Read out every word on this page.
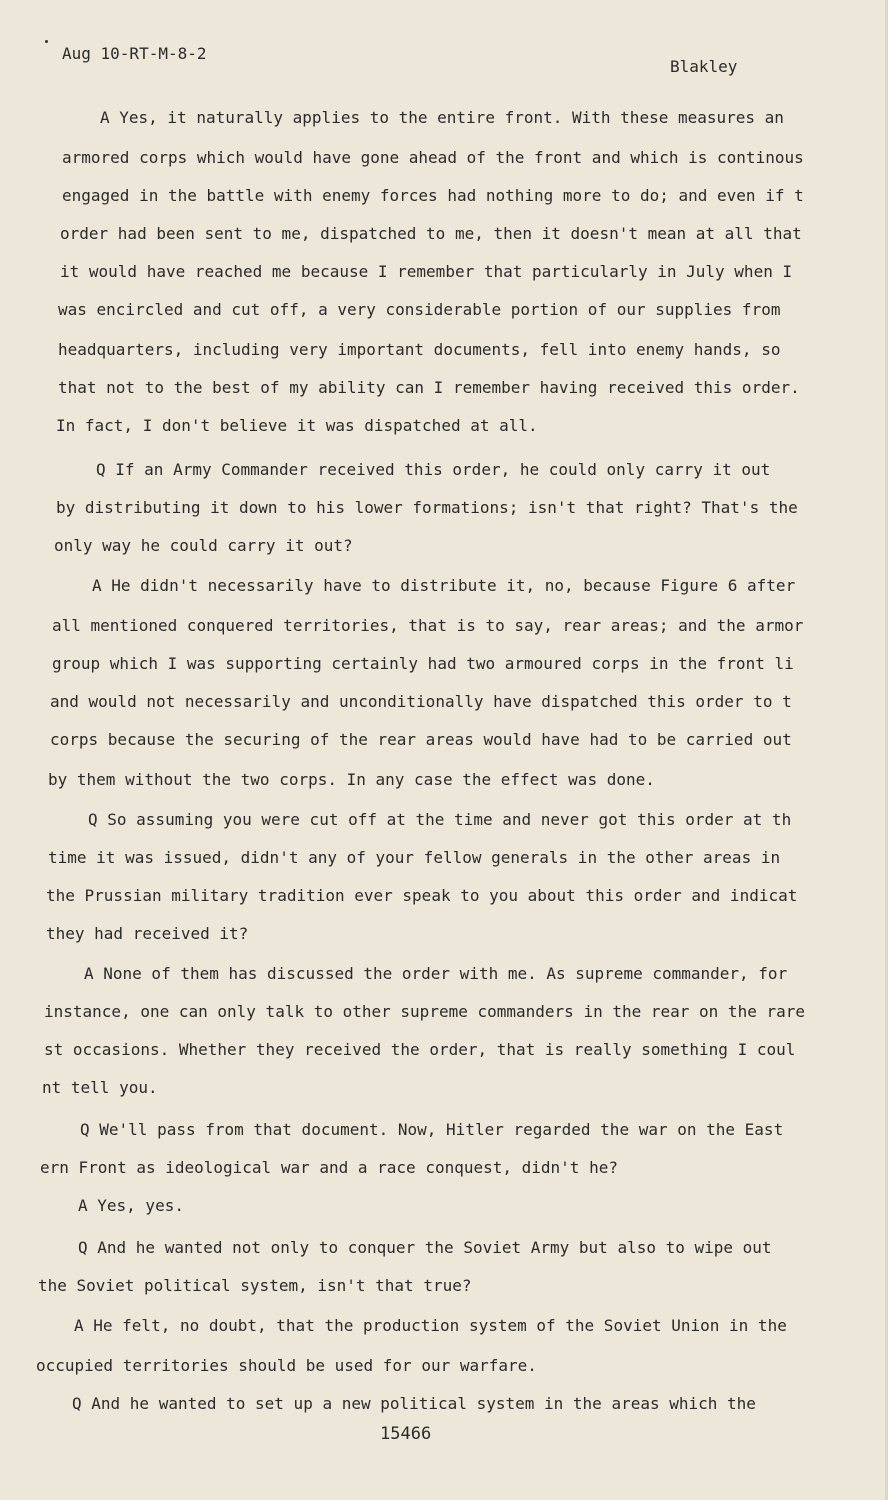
Aug 10-RT-M-8-2
Blakley
A Yes, it naturally applies to the entire front. With these measures an
armored corps which would have gone ahead of the front and which is continous
engaged in the battle with enemy forces had nothing more to do; and even if t
order had been sent to me, dispatched to me, then it doesn't mean at all that
it would have reached me because I remember that particularly in July when I
was encircled and cut off, a very considerable portion of our supplies from
headquarters, including very important documents, fell into enemy hands, so
that not to the best of my ability can I remember having received this order.
In fact, I don't believe it was dispatched at all.
Q If an Army Commander received this order, he could only carry it out
by distributing it down to his lower formations; isn't that right? That's the
only way he could carry it out?
A He didn't necessarily have to distribute it, no, because Figure 6 after
all mentioned conquered territories, that is to say, rear areas; and the armor
group which I was supporting certainly had two armoured corps in the front li
and would not necessarily and unconditionally have dispatched this order to t
corps because the securing of the rear areas would have had to be carried out
by them without the two corps. In any case the effect was done.
Q So assuming you were cut off at the time and never got this order at th
time it was issued, didn't any of your fellow generals in the other areas in
the Prussian military tradition ever speak to you about this order and indicat
they had received it?
A None of them has discussed the order with me. As supreme commander, for
instance, one can only talk to other supreme commanders in the rear on the rare
st occasions. Whether they received the order, that is really something I coul
nt tell you.
Q We'll pass from that document. Now, Hitler regarded the war on the East
ern Front as ideological war and a race conquest, didn't he?
A Yes, yes.
Q And he wanted not only to conquer the Soviet Army but also to wipe out
the Soviet political system, isn't that true?
A He felt, no doubt, that the production system of the Soviet Union in the
occupied territories should be used for our warfare.
Q And he wanted to set up a new political system in the areas which the
15466
